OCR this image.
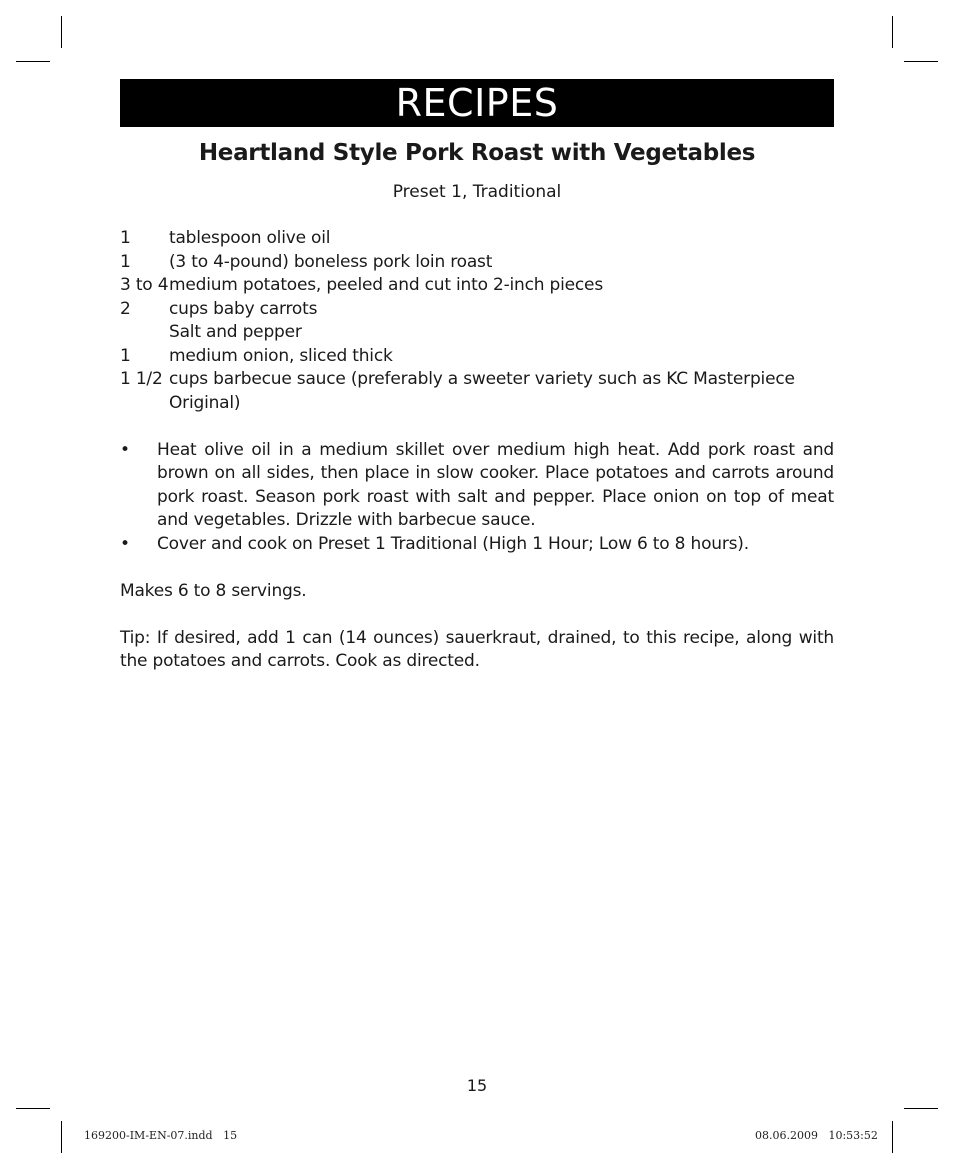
RECIPES
Heartland Style Pork Roast with Vegetables
Preset 1, Traditional
1	tablespoon olive oil
1	(3 to 4-pound) boneless pork loin roast
3 to 4 medium potatoes, peeled and cut into 2-inch pieces
2	cups baby carrots
Salt and pepper
1	medium onion, sliced thick
1 1/2 cups barbecue sauce (preferably a sweeter variety such as KC Masterpiece Original)
•	Heat olive oil in a medium skillet over medium high heat. Add pork roast and brown on all sides, then place in slow cooker. Place potatoes and carrots around pork roast. Season pork roast with salt and pepper. Place onion on top of meat and vegetables. Drizzle with barbecue sauce.
•	Cover and cook on Preset 1 Traditional (High 1 Hour; Low 6 to 8 hours).
Makes 6 to 8 servings.
Tip: If desired, add 1 can (14 ounces) sauerkraut, drained, to this recipe, along with the potatoes and carrots. Cook as directed.
15
169200-IM-EN-07.indd   15	08.06.2009   10:53:52
